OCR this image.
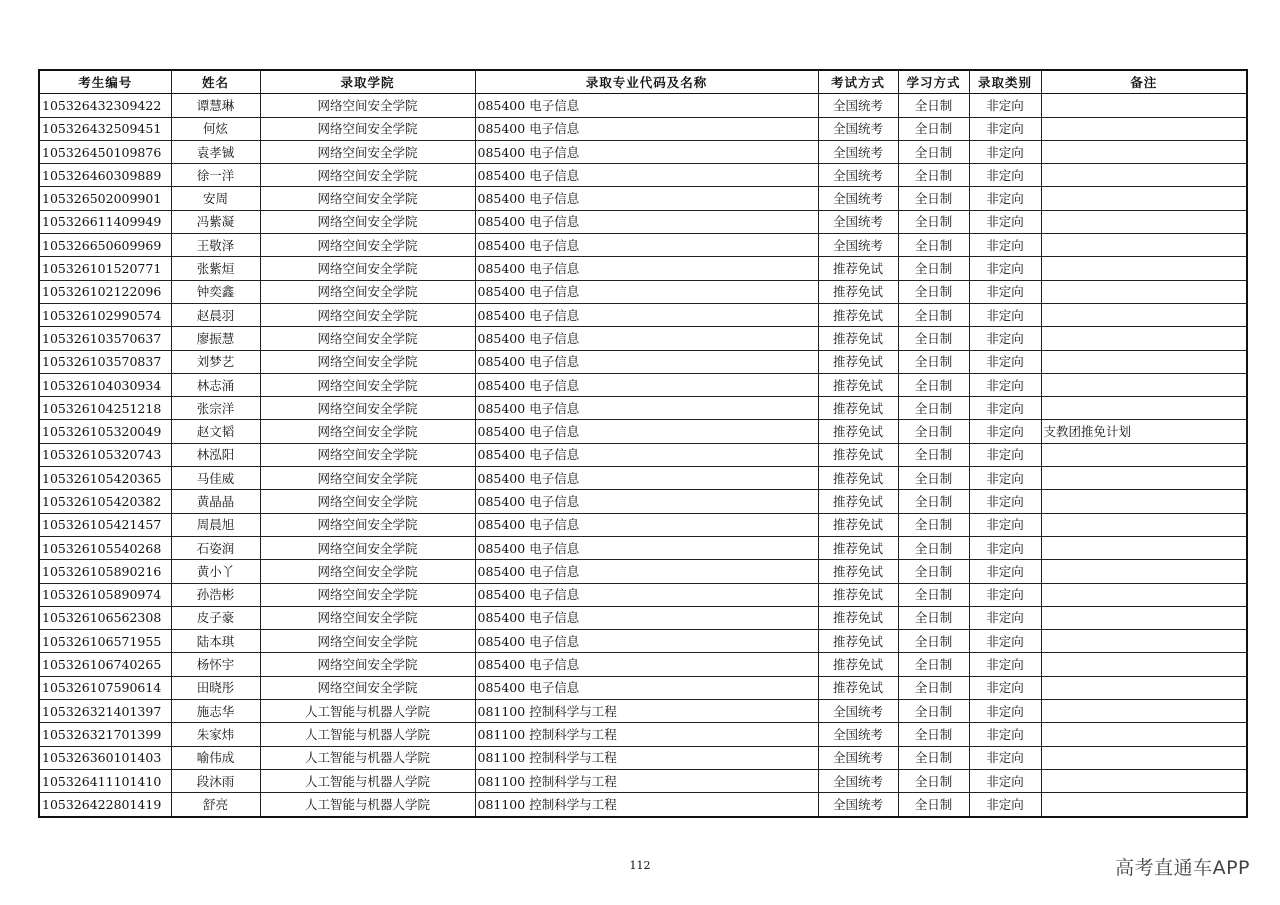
考生编号	姓名	录取学院	录取专业代码及名称	考试方式	学习方式	录取类别	备注
105326432309422	谭慧琳	网络空间安全学院	085400 电子信息	全国统考	全日制	非定向	
105326432509451	何炫	网络空间安全学院	085400 电子信息	全国统考	全日制	非定向	
105326450109876	袁孝铖	网络空间安全学院	085400 电子信息	全国统考	全日制	非定向	
105326460309889	徐一洋	网络空间安全学院	085400 电子信息	全国统考	全日制	非定向	
105326502009901	安周	网络空间安全学院	085400 电子信息	全国统考	全日制	非定向	
105326611409949	冯紫凝	网络空间安全学院	085400 电子信息	全国统考	全日制	非定向	
105326650609969	王敬泽	网络空间安全学院	085400 电子信息	全国统考	全日制	非定向	
105326101520771	张紫烜	网络空间安全学院	085400 电子信息	推荐免试	全日制	非定向	
105326102122096	钟奕鑫	网络空间安全学院	085400 电子信息	推荐免试	全日制	非定向	
105326102990574	赵晨羽	网络空间安全学院	085400 电子信息	推荐免试	全日制	非定向	
105326103570637	廖振慧	网络空间安全学院	085400 电子信息	推荐免试	全日制	非定向	
105326103570837	刘梦艺	网络空间安全学院	085400 电子信息	推荐免试	全日制	非定向	
105326104030934	林志涌	网络空间安全学院	085400 电子信息	推荐免试	全日制	非定向	
105326104251218	张宗洋	网络空间安全学院	085400 电子信息	推荐免试	全日制	非定向	
105326105320049	赵文韬	网络空间安全学院	085400 电子信息	推荐免试	全日制	非定向	支教团推免计划
105326105320743	林泓阳	网络空间安全学院	085400 电子信息	推荐免试	全日制	非定向	
105326105420365	马佳威	网络空间安全学院	085400 电子信息	推荐免试	全日制	非定向	
105326105420382	黄晶晶	网络空间安全学院	085400 电子信息	推荐免试	全日制	非定向	
105326105421457	周晨旭	网络空间安全学院	085400 电子信息	推荐免试	全日制	非定向	
105326105540268	石姿润	网络空间安全学院	085400 电子信息	推荐免试	全日制	非定向	
105326105890216	黄小丫	网络空间安全学院	085400 电子信息	推荐免试	全日制	非定向	
105326105890974	孙浩彬	网络空间安全学院	085400 电子信息	推荐免试	全日制	非定向	
105326106562308	皮子豪	网络空间安全学院	085400 电子信息	推荐免试	全日制	非定向	
105326106571955	陆本琪	网络空间安全学院	085400 电子信息	推荐免试	全日制	非定向	
105326106740265	杨怀宇	网络空间安全学院	085400 电子信息	推荐免试	全日制	非定向	
105326107590614	田晓彤	网络空间安全学院	085400 电子信息	推荐免试	全日制	非定向	
105326321401397	施志华	人工智能与机器人学院	081100 控制科学与工程	全国统考	全日制	非定向	
105326321701399	朱家炜	人工智能与机器人学院	081100 控制科学与工程	全国统考	全日制	非定向	
105326360101403	喻伟成	人工智能与机器人学院	081100 控制科学与工程	全国统考	全日制	非定向	
105326411101410	段沐雨	人工智能与机器人学院	081100 控制科学与工程	全国统考	全日制	非定向	
105326422801419	舒亮	人工智能与机器人学院	081100 控制科学与工程	全国统考	全日制	非定向	
112	高考直通车APP
